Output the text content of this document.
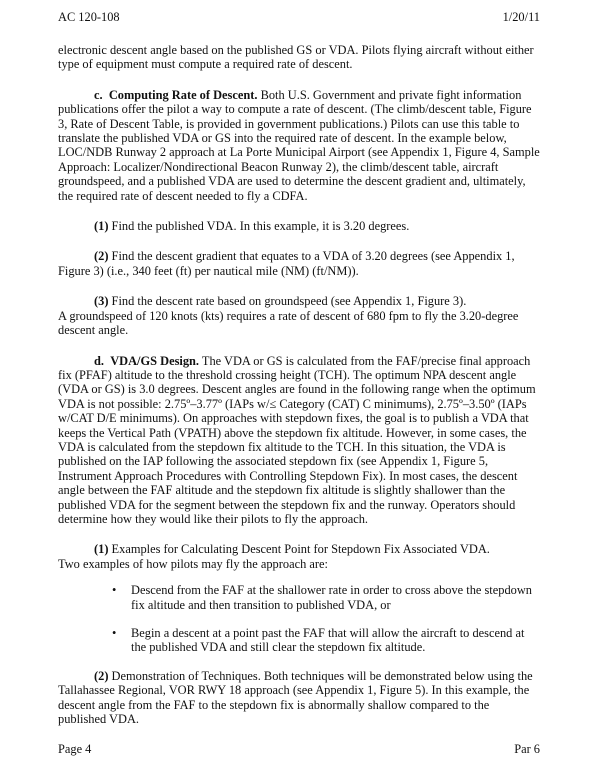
AC 120-108	1/20/11

electronic descent angle based on the published GS or VDA. Pilots flying aircraft without either type of equipment must compute a required rate of descent.

c. Computing Rate of Descent. Both U.S. Government and private fight information publications offer the pilot a way to compute a rate of descent. (The climb/descent table, Figure 3, Rate of Descent Table, is provided in government publications.) Pilots can use this table to translate the published VDA or GS into the required rate of descent. In the example below, LOC/NDB Runway 2 approach at La Porte Municipal Airport (see Appendix 1, Figure 4, Sample Approach: Localizer/Nondirectional Beacon Runway 2), the climb/descent table, aircraft groundspeed, and a published VDA are used to determine the descent gradient and, ultimately, the required rate of descent needed to fly a CDFA.

(1) Find the published VDA. In this example, it is 3.20 degrees.

(2) Find the descent gradient that equates to a VDA of 3.20 degrees (see Appendix 1, Figure 3) (i.e., 340 feet (ft) per nautical mile (NM) (ft/NM)).

(3) Find the descent rate based on groundspeed (see Appendix 1, Figure 3).

A groundspeed of 120 knots (kts) requires a rate of descent of 680 fpm to fly the 3.20-degree descent angle.

d. VDA/GS Design. The VDA or GS is calculated from the FAF/precise final approach fix (PFAF) altitude to the threshold crossing height (TCH). The optimum NPA descent angle (VDA or GS) is 3.0 degrees. Descent angles are found in the following range when the optimum VDA is not possible: 2.75º–3.77º (IAPs w/≤ Category (CAT) C minimums), 2.75º–3.50º (IAPs w/CAT D/E minimums). On approaches with stepdown fixes, the goal is to publish a VDA that keeps the Vertical Path (VPATH) above the stepdown fix altitude. However, in some cases, the VDA is calculated from the stepdown fix altitude to the TCH. In this situation, the VDA is published on the IAP following the associated stepdown fix (see Appendix 1, Figure 5, Instrument Approach Procedures with Controlling Stepdown Fix). In most cases, the descent angle between the FAF altitude and the stepdown fix altitude is slightly shallower than the published VDA for the segment between the stepdown fix and the runway. Operators should determine how they would like their pilots to fly the approach.

(1) Examples for Calculating Descent Point for Stepdown Fix Associated VDA.

Two examples of how pilots may fly the approach are:

• Descend from the FAF at the shallower rate in order to cross above the stepdown fix altitude and then transition to published VDA, or
• Begin a descent at a point past the FAF that will allow the aircraft to descend at the published VDA and still clear the stepdown fix altitude.

(2) Demonstration of Techniques. Both techniques will be demonstrated below using the Tallahassee Regional, VOR RWY 18 approach (see Appendix 1, Figure 5). In this example, the descent angle from the FAF to the stepdown fix is abnormally shallow compared to the published VDA.

Page 4	Par 6
